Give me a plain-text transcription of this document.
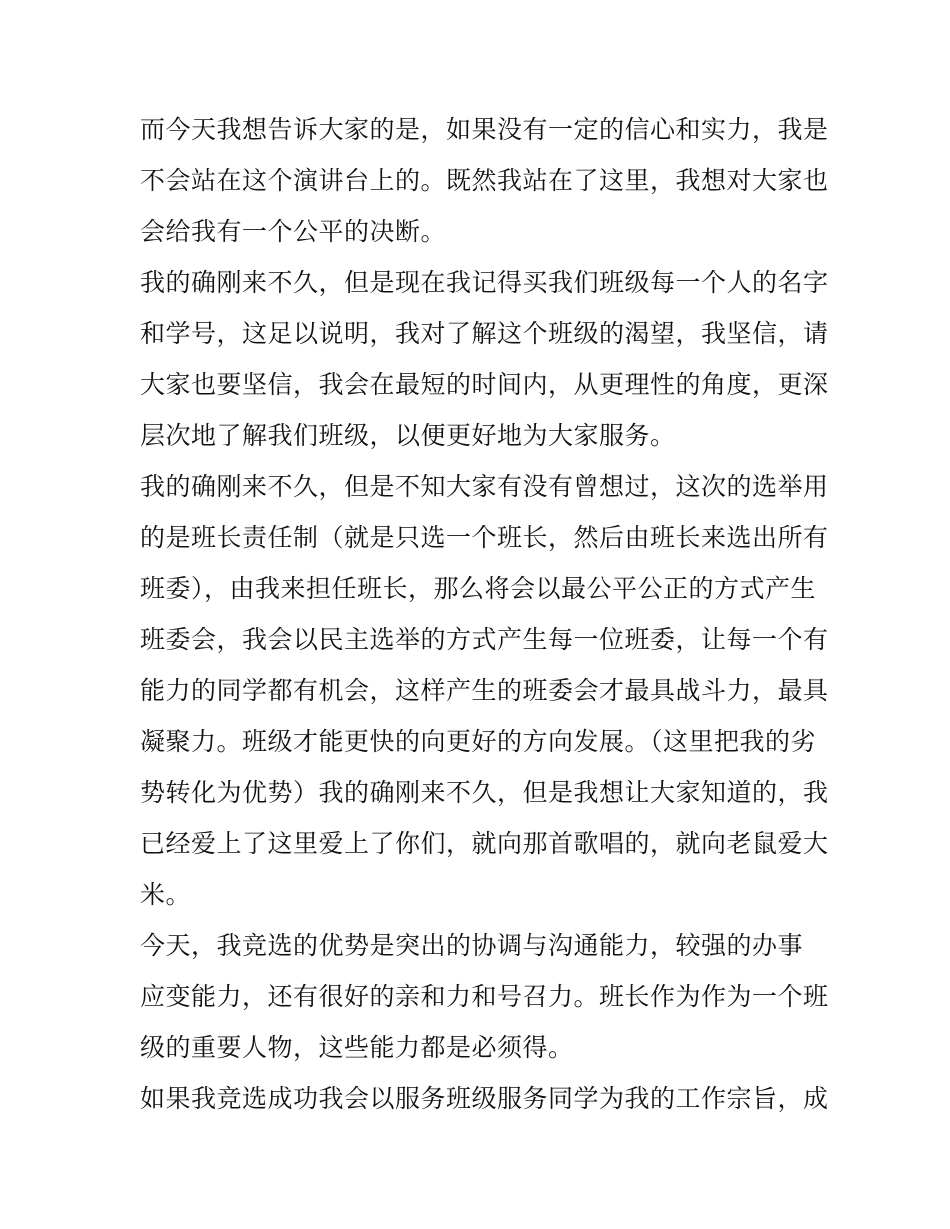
而今天我想告诉大家的是，如果没有一定的信心和实力，我是
不会站在这个演讲台上的。既然我站在了这里，我想对大家也
会给我有一个公平的决断。
我的确刚来不久，但是现在我记得买我们班级每一个人的名字
和学号，这足以说明，我对了解这个班级的渴望，我坚信，请
大家也要坚信，我会在最短的时间内，从更理性的角度，更深
层次地了解我们班级，以便更好地为大家服务。
我的确刚来不久，但是不知大家有没有曾想过，这次的选举用
的是班长责任制（就是只选一个班长，然后由班长来选出所有
班委），由我来担任班长，那么将会以最公平公正的方式产生
班委会，我会以民主选举的方式产生每一位班委，让每一个有
能力的同学都有机会，这样产生的班委会才最具战斗力，最具
凝聚力。班级才能更快的向更好的方向发展。（这里把我的劣
势转化为优势）我的确刚来不久，但是我想让大家知道的，我
已经爱上了这里爱上了你们，就向那首歌唱的，就向老鼠爱大
米。
今天，我竞选的优势是突出的协调与沟通能力，较强的办事
应变能力，还有很好的亲和力和号召力。班长作为作为一个班
级的重要人物，这些能力都是必须得。
如果我竞选成功我会以服务班级服务同学为我的工作宗旨，成
